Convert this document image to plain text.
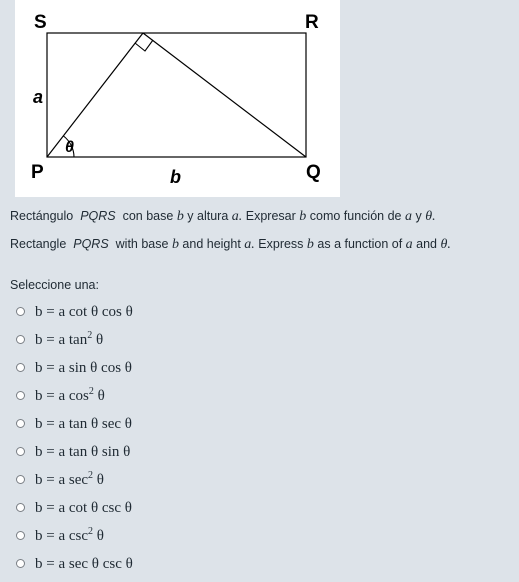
S	R
P	Q
a
b
θ
Rectángulo PQRS con base b y altura a. Expresar b como función de a y θ.
Rectangle PQRS with base b and height a. Express b as a function of a and θ.
Seleccione una:
b = a cot θ cos θ
b = a $\tan^2 \theta$
b = a sin θ cos θ
b = a $\cos^2 \theta$
b = a tan θ sec θ
b = a tan θ sin θ
b = a $\sec^2 \theta$
b = a cot θ csc θ
b = a $\csc^2 \theta$
b = a sec θ csc θ
